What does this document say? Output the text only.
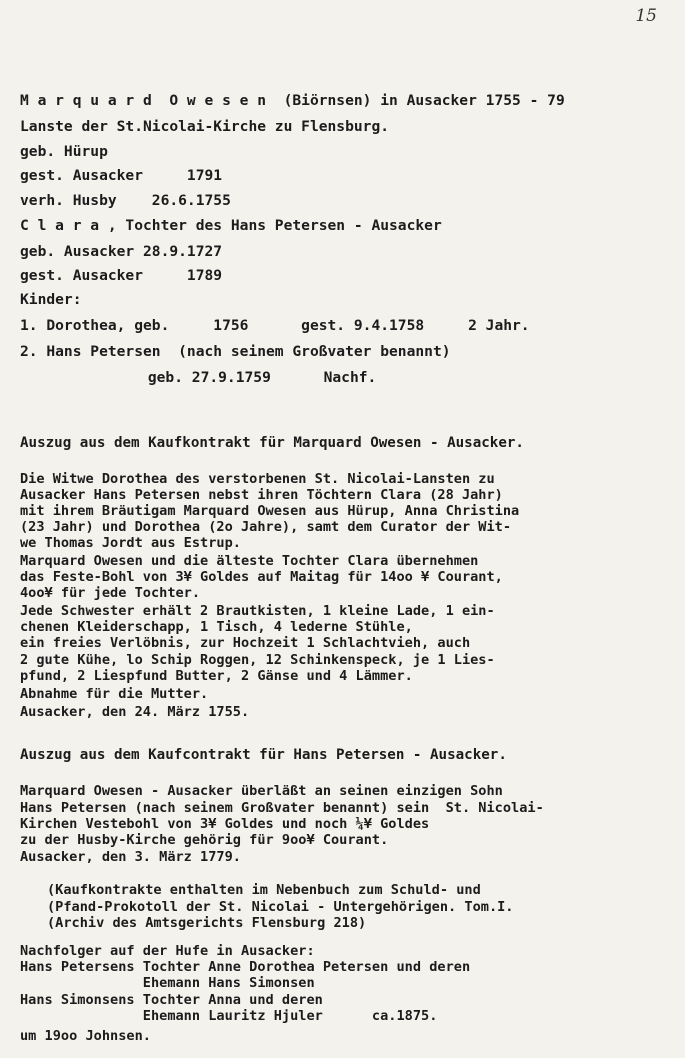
15
M a r q u a r d  O w e s e n  (Biörnsen) in Ausacker 1755 - 79
Lanste der St.Nicolai-Kirche zu Flensburg.
geb. Hürup
gest. Ausacker     1791
verh. Husby    26.6.1755
C l a r a , Tochter des Hans Petersen - Ausacker
geb. Ausacker 28.9.1727
gest. Ausacker     1789
Kinder:
1. Dorothea, geb.     1756      gest. 9.4.1758     2 Jahr.
2. Hans Petersen  (nach seinem Großvater benannt)
geb. 27.9.1759      Nachf.
Auszug aus dem Kaufkontrakt für Marquard Owesen - Ausacker.
Die Witwe Dorothea des verstorbenen St. Nicolai-Lansten zu
Ausacker Hans Petersen nebst ihren Töchtern Clara (28 Jahr)
mit ihrem Bräutigam Marquard Owesen aus Hürup, Anna Christina
(23 Jahr) und Dorothea (2o Jahre), samt dem Curator der Wit-
we Thomas Jordt aus Estrup.
Marquard Owesen und die älteste Tochter Clara übernehmen
das Feste-Bohl von 3¥ Goldes auf Maitag für 14oo ¥ Courant,
4oo¥ für jede Tochter.
Jede Schwester erhält 2 Brautkisten, 1 kleine Lade, 1 ein-
chenen Kleiderschapp, 1 Tisch, 4 lederne Stühle,
ein freies Verlöbnis, zur Hochzeit 1 Schlachtvieh, auch
2 gute Kühe, lo Schip Roggen, 12 Schinkenspeck, je 1 Lies-
pfund, 2 Liespfund Butter, 2 Gänse und 4 Lämmer.
Abnahme für die Mutter.
Ausacker, den 24. März 1755.
Auszug aus dem Kaufcontrakt für Hans Petersen - Ausacker.
Marquard Owesen - Ausacker überläßt an seinen einzigen Sohn
Hans Petersen (nach seinem Großvater benannt) sein  St. Nicolai-
Kirchen Vestebohl von 3¥ Goldes und noch ¼¥ Goldes
zu der Husby-Kirche gehörig für 9oo¥ Courant.
Ausacker, den 3. März 1779.
(Kaufkontrakte enthalten im Nebenbuch zum Schuld- und
(Pfand-Prokotoll der St. Nicolai - Untergehörigen. Tom.I.
(Archiv des Amtsgerichts Flensburg 218)
Nachfolger auf der Hufe in Ausacker:
Hans Petersens Tochter Anne Dorothea Petersen und deren
Ehemann Hans Simonsen
Hans Simonsens Tochter Anna und deren
Ehemann Lauritz Hjuler      ca.1875.
um 19oo Johnsen.
